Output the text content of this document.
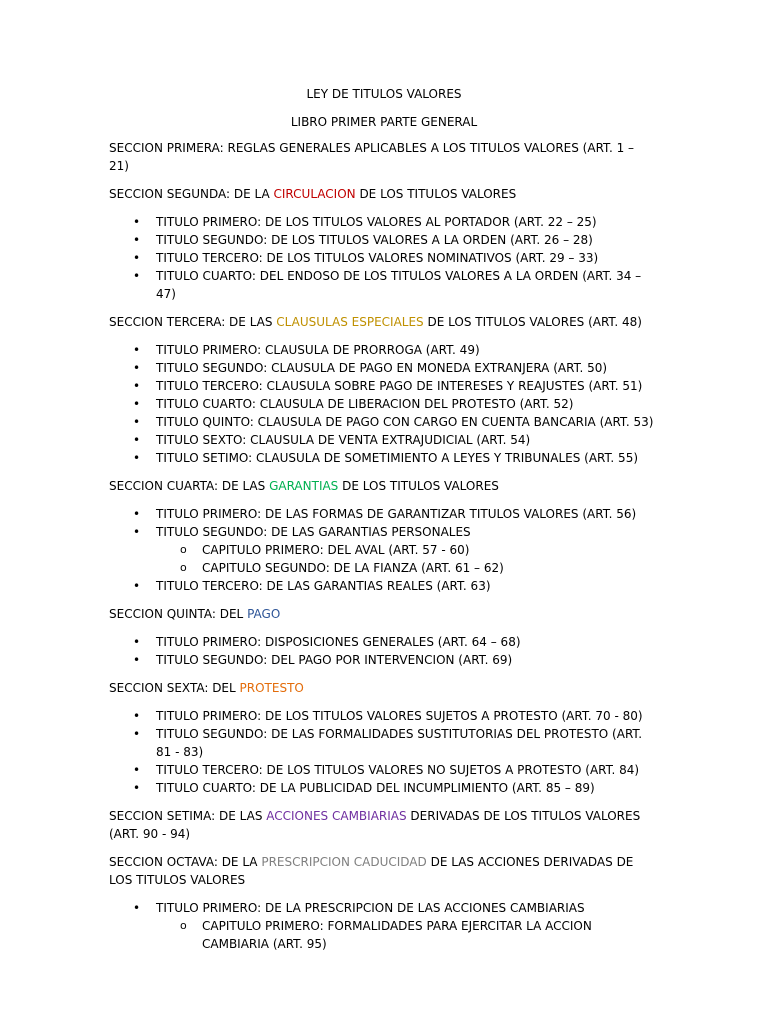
LEY DE TITULOS VALORES
LIBRO PRIMER PARTE GENERAL
SECCION PRIMERA: REGLAS GENERALES APLICABLES A LOS TITULOS VALORES (ART. 1 – 21)
SECCION SEGUNDA: DE LA CIRCULACION DE LOS TITULOS VALORES
• TITULO PRIMERO: DE LOS TITULOS VALORES AL PORTADOR (ART. 22 – 25)
• TITULO SEGUNDO: DE LOS TITULOS VALORES A LA ORDEN (ART. 26 – 28)
• TITULO TERCERO: DE LOS TITULOS VALORES NOMINATIVOS (ART. 29 – 33)
• TITULO CUARTO: DEL ENDOSO DE LOS TITULOS VALORES A LA ORDEN (ART. 34 – 47)
SECCION TERCERA: DE LAS CLAUSULAS ESPECIALES DE LOS TITULOS VALORES (ART. 48)
• TITULO PRIMERO: CLAUSULA DE PRORROGA (ART. 49)
• TITULO SEGUNDO: CLAUSULA DE PAGO EN MONEDA EXTRANJERA (ART. 50)
• TITULO TERCERO: CLAUSULA SOBRE PAGO DE INTERESES Y REAJUSTES (ART. 51)
• TITULO CUARTO: CLAUSULA DE LIBERACION DEL PROTESTO (ART. 52)
• TITULO QUINTO: CLAUSULA DE PAGO CON CARGO EN CUENTA BANCARIA (ART. 53)
• TITULO SEXTO: CLAUSULA DE VENTA EXTRAJUDICIAL (ART. 54)
• TITULO SETIMO: CLAUSULA DE SOMETIMIENTO A LEYES Y TRIBUNALES (ART. 55)
SECCION CUARTA: DE LAS GARANTIAS DE LOS TITULOS VALORES
• TITULO PRIMERO: DE LAS FORMAS DE GARANTIZAR TITULOS VALORES (ART. 56)
• TITULO SEGUNDO: DE LAS GARANTIAS PERSONALES
o CAPITULO PRIMERO: DEL AVAL (ART. 57 - 60)
o CAPITULO SEGUNDO: DE LA FIANZA (ART. 61 – 62)
• TITULO TERCERO: DE LAS GARANTIAS REALES (ART. 63)
SECCION QUINTA: DEL PAGO
• TITULO PRIMERO: DISPOSICIONES GENERALES (ART. 64 – 68)
• TITULO SEGUNDO: DEL PAGO POR INTERVENCION (ART. 69)
SECCION SEXTA: DEL PROTESTO
• TITULO PRIMERO: DE LOS TITULOS VALORES SUJETOS A PROTESTO (ART. 70 - 80)
• TITULO SEGUNDO: DE LAS FORMALIDADES SUSTITUTORIAS DEL PROTESTO (ART. 81 - 83)
• TITULO TERCERO: DE LOS TITULOS VALORES NO SUJETOS A PROTESTO (ART. 84)
• TITULO CUARTO: DE LA PUBLICIDAD DEL INCUMPLIMIENTO (ART. 85 – 89)
SECCION SETIMA: DE LAS ACCIONES CAMBIARIAS DERIVADAS DE LOS TITULOS VALORES (ART. 90 - 94)
SECCION OCTAVA: DE LA PRESCRIPCION CADUCIDAD DE LAS ACCIONES DERIVADAS DE LOS TITULOS VALORES
• TITULO PRIMERO: DE LA PRESCRIPCION DE LAS ACCIONES CAMBIARIAS
o CAPITULO PRIMERO: FORMALIDADES PARA EJERCITAR LA ACCION CAMBIARIA (ART. 95)
